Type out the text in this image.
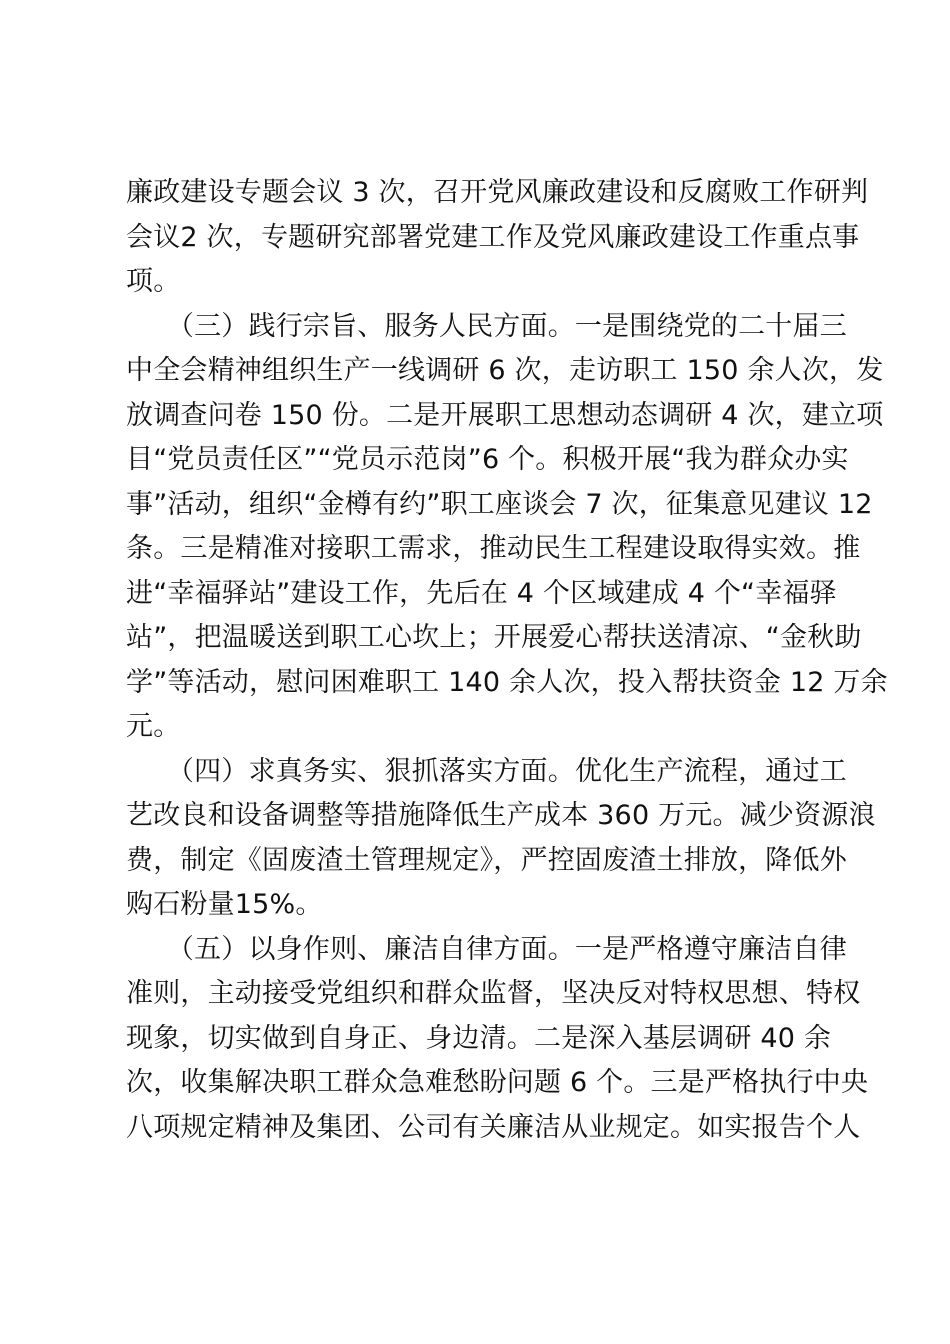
廉政建设专题会议 3 次，召开党风廉政建设和反腐败工作研判
会议2 次，专题研究部署党建工作及党风廉政建设工作重点事
项。
　　（三）践行宗旨、服务人民方面。一是围绕党的二十届三
中全会精神组织生产一线调研 6 次，走访职工 150 余人次，发
放调查问卷 150 份。二是开展职工思想动态调研 4 次，建立项
目“党员责任区”“党员示范岗”6 个。积极开展“我为群众办实
事”活动，组织“金樽有约”职工座谈会 7 次，征集意见建议 12
条。三是精准对接职工需求，推动民生工程建设取得实效。推
进“幸福驿站”建设工作，先后在 4 个区域建成 4 个“幸福驿
站”，把温暖送到职工心坎上；开展爱心帮扶送清凉、“金秋助
学”等活动，慰问困难职工 140 余人次，投入帮扶资金 12 万余
元。
　　（四）求真务实、狠抓落实方面。优化生产流程，通过工
艺改良和设备调整等措施降低生产成本 360 万元。减少资源浪
费，制定《固废渣土管理规定》，严控固废渣土排放，降低外
购石粉量15%。
　　（五）以身作则、廉洁自律方面。一是严格遵守廉洁自律
准则，主动接受党组织和群众监督，坚决反对特权思想、特权
现象，切实做到自身正、身边清。二是深入基层调研 40 余
次，收集解决职工群众急难愁盼问题 6 个。三是严格执行中央
八项规定精神及集团、公司有关廉洁从业规定。如实报告个人
